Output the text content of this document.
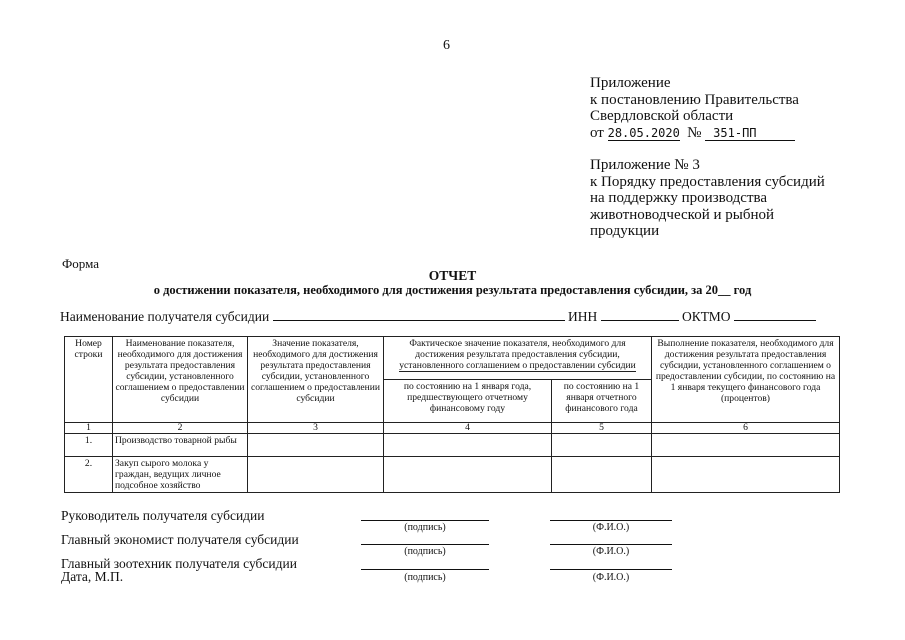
6
Приложение
к постановлению Правительства
Свердловской области
от 28.05.2020 № 351-ПП
Приложение № 3
к Порядку предоставления субсидий
на поддержку производства
животноводческой и рыбной
продукции
Форма
ОТЧЕТ
о достижении показателя, необходимого для достижения результата предоставления субсидии, за 20__ год
Наименование получателя субсидии	ИНН	ОКТМО
Номер строки	Наименование показателя, необходимого для достижения результата предоставления субсидии, установленного соглашением о предоставлении субсидии	Значение показателя, необходимого для достижения результата предоставления субсидии, установленного соглашением о предоставлении субсидии	Фактическое значение показателя, необходимого для достижения результата предоставления субсидии, установленного соглашением о предоставлении субсидии		Выполнение показателя, необходимого для достижения результата предоставления субсидии, установленного соглашением о предоставлении субсидии, по состоянию на 1 января текущего финансового года (процентов)
			по состоянию на 1 января года, предшествующего отчетному финансовому году	по состоянию на 1 января отчетного финансового года	
1	2	3	4	5	6
1.	Производство товарной рыбы				
2.	Закуп сырого молока у граждан, ведущих личное подсобное хозяйство				
Руководитель получателя субсидии
(подпись)	(Ф.И.О.)
Главный экономист получателя субсидии
(подпись)	(Ф.И.О.)
Главный зоотехник получателя субсидии
Дата, М.П.	(подпись)	(Ф.И.О.)
